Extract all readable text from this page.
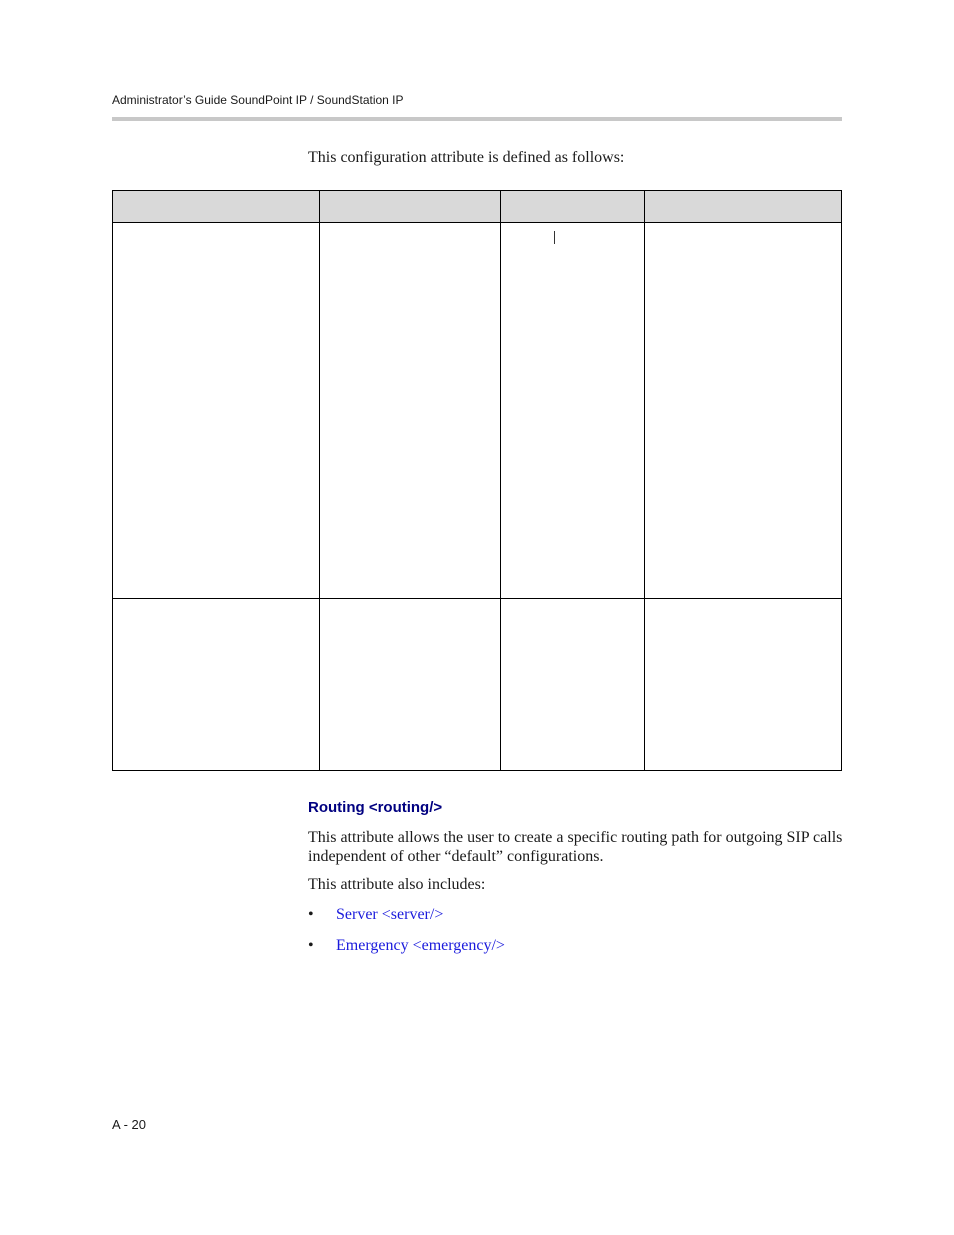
Administrator’s Guide SoundPoint IP / SoundStation IP
This configuration attribute is defined as follows:
Routing <routing/>
This attribute allows the user to create a specific routing path for outgoing SIP calls independent of other “default” configurations.
This attribute also includes:
• Server <server/>
• Emergency <emergency/>
A - 20
